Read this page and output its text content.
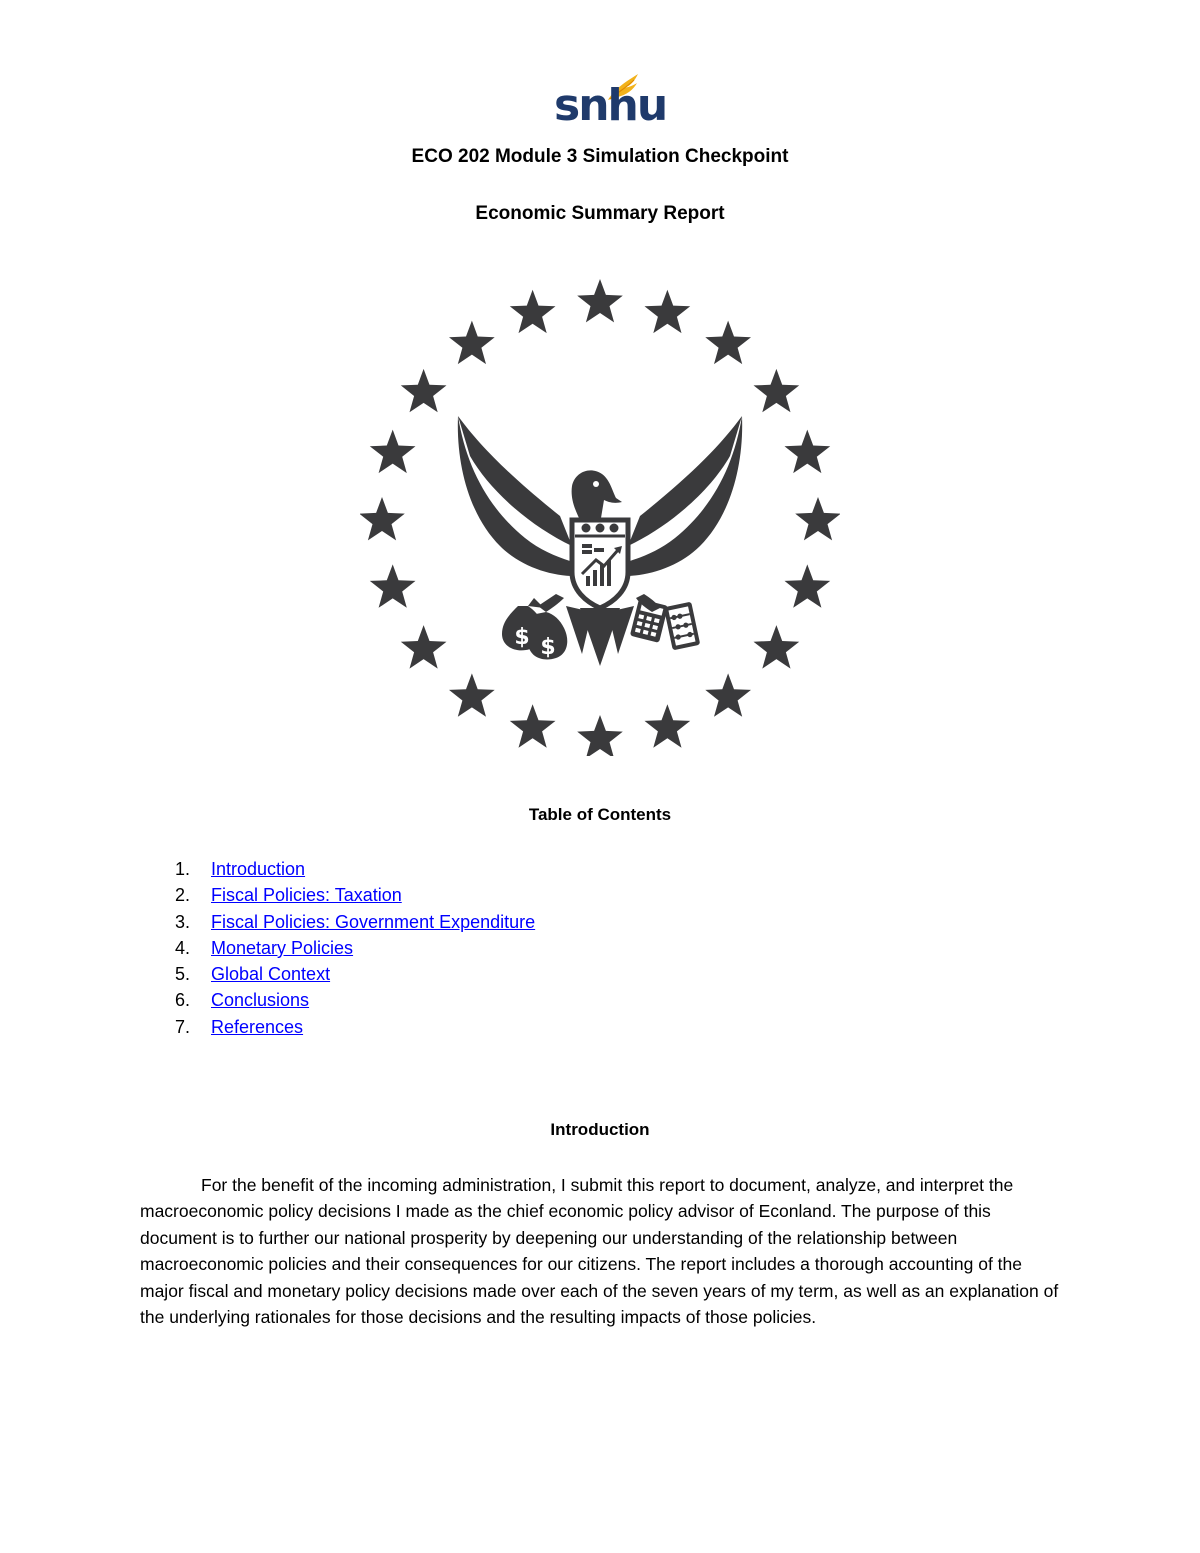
snhu
ECO 202 Module 3 Simulation Checkpoint
Economic Summary Report
$ $
Table of Contents
1. Introduction
2. Fiscal Policies: Taxation
3. Fiscal Policies: Government Expenditure
4. Monetary Policies
5. Global Context
6. Conclusions
7. References
Introduction

For the benefit of the incoming administration, I submit this report to document, analyze, and interpret the macroeconomic policy decisions I made as the chief economic policy advisor of Econland. The purpose of this document is to further our national prosperity by deepening our understanding of the relationship between macroeconomic policies and their consequences for our citizens. The report includes a thorough accounting of the major fiscal and monetary policy decisions made over each of the seven years of my term, as well as an explanation of the underlying rationales for those decisions and the resulting impacts of those policies.
